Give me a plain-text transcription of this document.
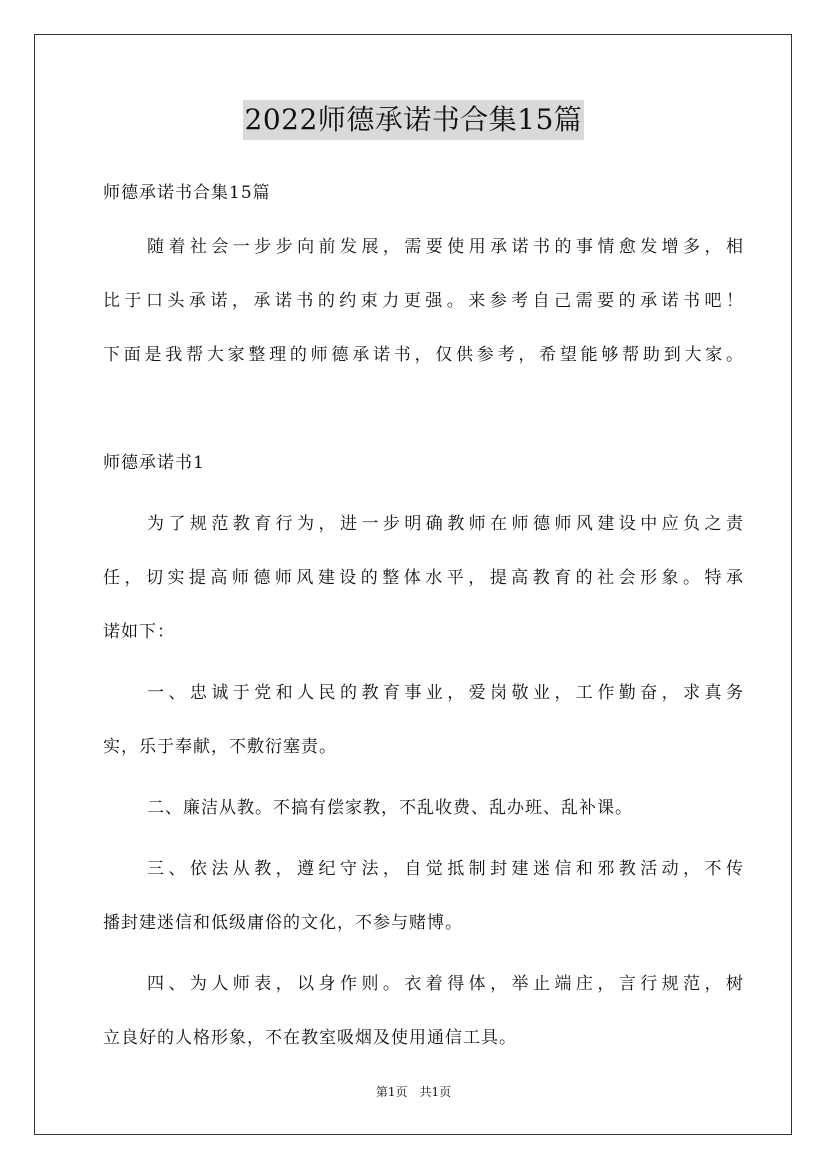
2022师德承诺书合集15篇
师德承诺书合集15篇
随着社会一步步向前发展，需要使用承诺书的事情愈发增多，相
比于口头承诺，承诺书的约束力更强。来参考自己需要的承诺书吧！
下面是我帮大家整理的师德承诺书，仅供参考，希望能够帮助到大家。
师德承诺书1
为了规范教育行为，进一步明确教师在师德师风建设中应负之责
任，切实提高师德师风建设的整体水平，提高教育的社会形象。特承
诺如下：
一、忠诚于党和人民的教育事业，爱岗敬业，工作勤奋，求真务
实，乐于奉献，不敷衍塞责。
二、廉洁从教。不搞有偿家教，不乱收费、乱办班、乱补课。
三、依法从教，遵纪守法，自觉抵制封建迷信和邪教活动，不传
播封建迷信和低级庸俗的文化，不参与赌博。
四、为人师表，以身作则。衣着得体，举止端庄，言行规范，树
立良好的人格形象，不在教室吸烟及使用通信工具。
第1页 共1页
